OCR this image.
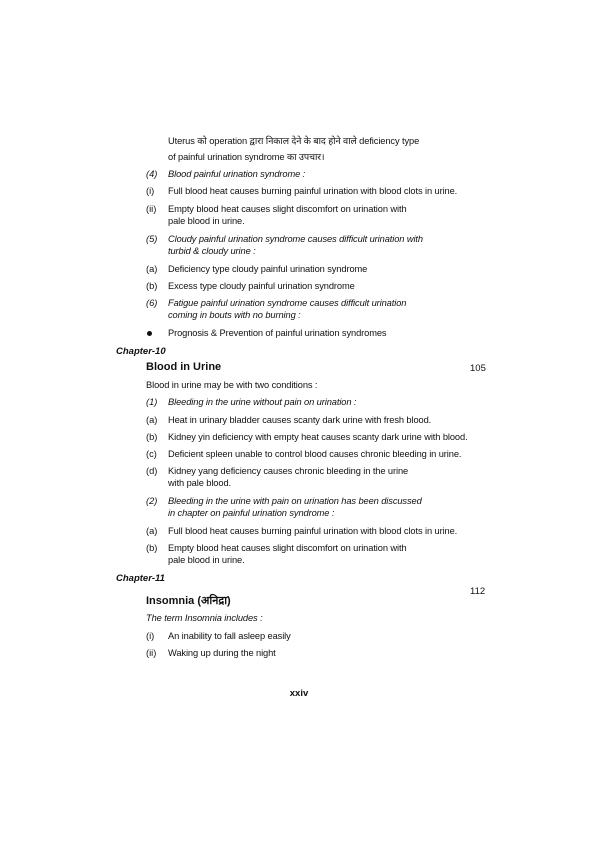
Uterus को operation द्वारा निकाल देने के बाद होने वाले deficiency type
of painful urination syndrome का उपचार।
(4) Blood painful urination syndrome :
(i) Full blood heat causes burning painful urination with blood clots in urine.
(ii) Empty blood heat causes slight discomfort on urination with
pale blood in urine.
(5) Cloudy painful urination syndrome causes difficult urination with
turbid & cloudy urine :
(a) Deficiency type cloudy painful urination syndrome
(b) Excess type cloudy painful urination syndrome
(6) Fatigue painful urination syndrome causes difficult urination
coming in bouts with no burning :
Prognosis & Prevention of painful urination syndromes
Chapter-10
Blood in Urine	105
Blood in urine may be with two conditions :
(1) Bleeding in the urine without pain on urination :
(a) Heat in urinary bladder causes scanty dark urine with fresh blood.
(b) Kidney yin deficiency with empty heat causes scanty dark urine with blood.
(c) Deficient spleen unable to control blood causes chronic bleeding in urine.
(d) Kidney yang deficiency causes chronic bleeding in the urine
with pale blood.
(2) Bleeding in the urine with pain on urination has been discussed
in chapter on painful urination syndrome :
(a) Full blood heat causes burning painful urination with blood clots in urine.
(b) Empty blood heat causes slight discomfort on urination with
pale blood in urine.
Chapter-11
112
Insomnia (अनिद्रा)
The term Insomnia includes :
(i) An inability to fall asleep easily
(ii) Waking up during the night
xxiv
